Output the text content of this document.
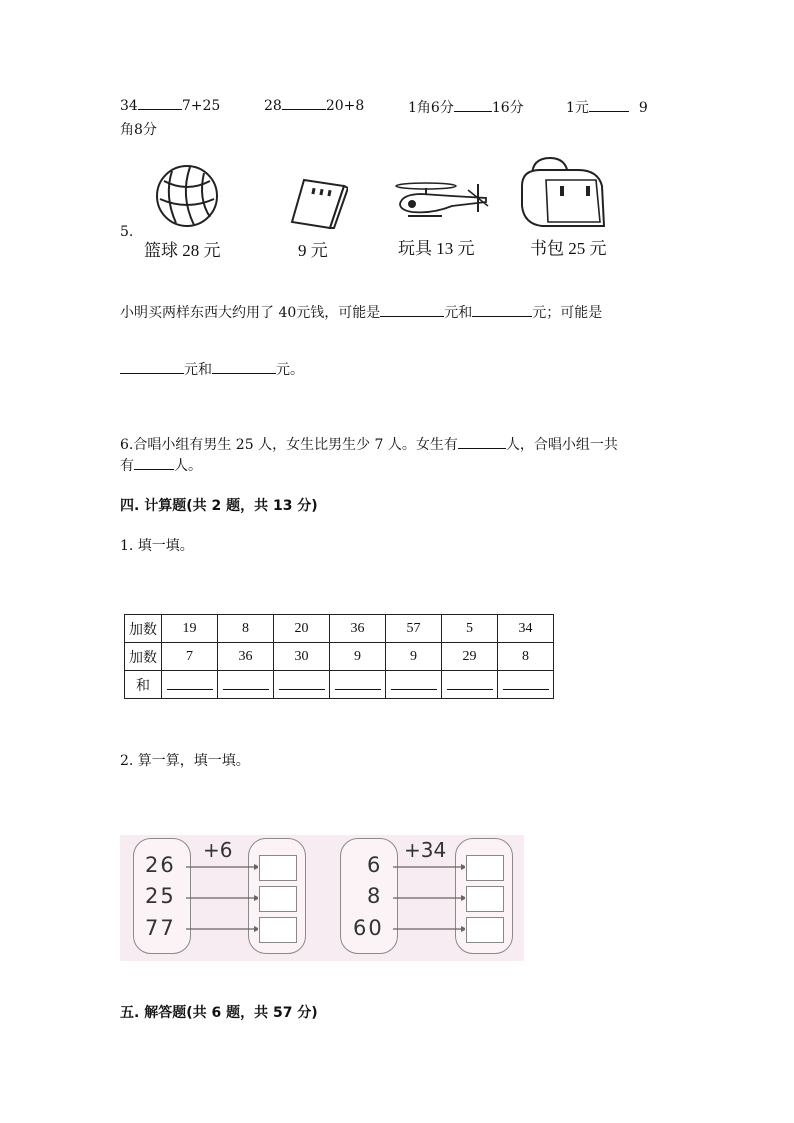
34	7+25	28	20+8	1角6分	16分	1元	9
角8分
5.
篮球 28 元	9 元	玩具 13 元	书包 25 元
小明买两样东西大约用了 40元钱，可能是	元和	元；可能是
元和	元。
6.合唱小组有男生 25 人，女生比男生少 7 人。女生有	人，合唱小组一共
有	人。
四. 计算题(共 2 题，共 13 分)
1. 填一填。
加数	19	8	20	36	57	5	34
加数	7	36	30	9	9	29	8
和							
2. 算一算，填一填。
+6
26
25
77
+34
6
8
60
五. 解答题(共 6 题，共 57 分)
